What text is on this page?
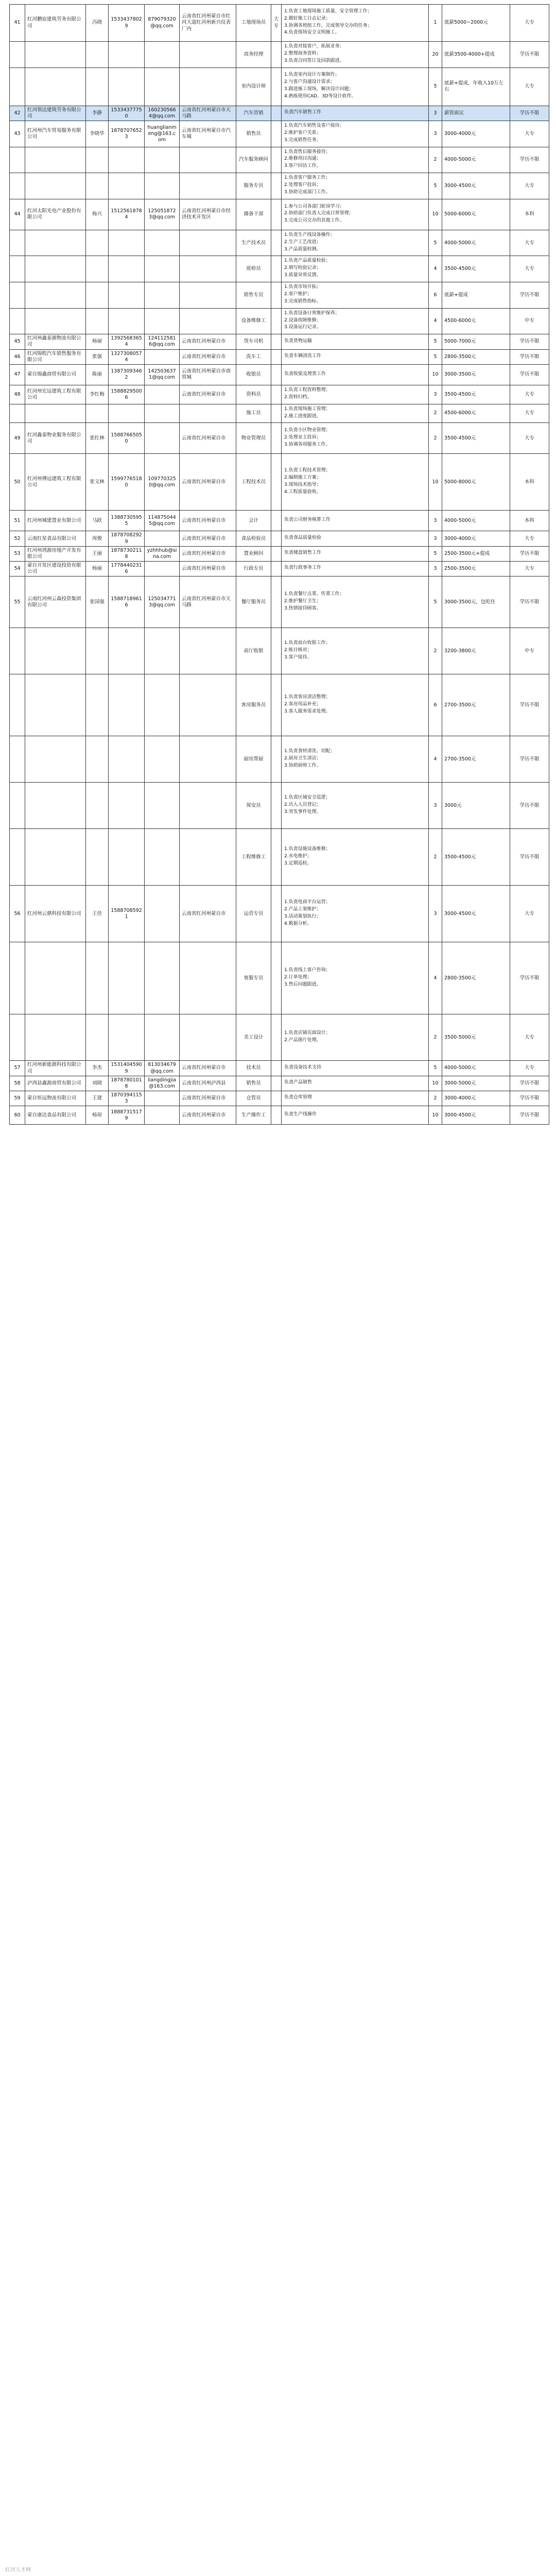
41	红河鹏宸建筑劳务有限公司	冯晓	15334378029	879079320@qq.com	云南省红河州蒙自市红河大道红河州新兴仪表厂内	工地现场员	大专	1.负责工地现场施工质量、安全管理工作；
2.做好施工日志记录；
3.协调各班组工作，完成领导交办的任务；
4.负责现场安全文明施工。	1	底薪5000~2000元	大专
						商务经理		1.负责对接客户，拓展业务；
2.整理商务资料；
3.负责合同签订及回款跟进。	20	底薪3500-4000+提成	学历不限
						室内设计师		1.负责室内设计方案制作；
2.与客户沟通设计需求；
3.跟进施工现场，解决设计问题；
4.熟练使用CAD、3D等设计软件。	5	底薪+提成，年收入10万左右	大专
42	红河领达建筑劳务有限公司	李静	15334377750	1602305664@qq.com	云南省红河州蒙自市天马路	汽车营销		负责汽车销售工作	3	薪资面议	学历不限
43	红河州汽车贸易服务有限公司	李晓华	18787076523	huanglianmeng@163.com	云南省红河州蒙自市汽车城	销售员		1.负责汽车销售及客户接待；
2.维护客户关系；
3.完成销售任务。	3	3000-4000元	大专
						汽车服务顾问		1.负责售后服务接待；
2.维修项目沟通；
3.客户回访工作。	2	4000-5000元	学历不限
						服务专员		1.负责客户服务工作；
2.处理客户投诉；
3.协助完成部门工作。	5	3000-4500元	大专
44	红河太阳光电产业股份有限公司	杨兴	15125618784	1250518723@qq.com	云南省红河州蒙自市经济技术开发区	储备干部		1.参与公司各部门轮岗学习；
2.协助部门负责人完成日常管理；
3.完成公司交办的其他工作。	10	5000-6000元	本科
						生产技术员		1.负责生产线设备操作；
2.生产工艺改进；
3.产品质量检测。	5	4000-5000元	大专
						质检员		1.负责产品质量检验；
2.填写检验记录；
3.质量异常反馈。	4	3500-4500元	大专
						销售专员		1.负责市场开拓；
2.客户维护；
3.完成销售指标。	6	底薪+提成	学历不限
						设备维修工		1.负责设备日常维护保养；
2.设备故障维修；
3.设备运行记录。	4	4500-6000元	中专
45	红河州鑫泰源物流有限公司	杨丽	13925683654	1241125816@qq.com	云南省红河州蒙自市	货车司机		负责货物运输	5	5000-7000元	学历不限
46	红河锦程汽车销售服务有限公司	张强	13273080574		云南省红河州蒙自市	洗车工		负责车辆清洗工作	5	2800-3500元	学历不限
47	蒙自锦鑫商贸有限公司	陈丽	13873093462	1425036371@qq.com	云南省红河州蒙自市商贸城	收银员		负责收银及理货工作	10	3000-3500元	学历不限
48	红河州宏远建筑工程有限公司	李红梅	15888295006		云南省红河州蒙自市	资料员		1.负责工程资料整理；
2.资料归档。	3	3500-4500元	大专
						施工员		1.负责现场施工管理；
2.施工进度跟进。	2	4500-6000元	大专
49	红河鑫泰物业服务有限公司	张红林	15887665050		云南省红河州蒙自市	物业管理员		1.负责小区物业管理；
2.处理业主投诉；
3.协调各项服务工作。	2	3500-4500元	大专
50	红河州博远建筑工程有限公司	张文林	15997765180	1097703250@qq.com	云南省红河州蒙自市	工程技术员		1.负责工程技术管理；
2.编制施工方案；
3.现场技术指导；
4.工程质量验收。	10	5000-8000元	本科
51	红河州城建置业有限公司	马跃	13887305955	1148750445@qq.com	云南省红河州蒙自市	会计		负责公司财务核算工作	3	4000-5000元	本科
52	云南红星食品有限公司	周俊	18787082929		云南省红河州蒙自市	食品检验员		负责食品质量检验	3	3000-4000元	大专
53	红河州鸿源房地产开发有限公司	王丽	18787302118	yzhhhub@sina.com	云南省红河州蒙自市	置业顾问		负责楼盘销售工作	5	2500-3500元+提成	学历不限
54	蒙自开发区建设投资有限公司	杨丽	17784402316		云南省红河州蒙自市	行政专员		负责行政事务工作	3	2500-3500元	大专
55	云南红河州云森投资集团有限公司	张国强	15887189616	1250347713@qq.com	云南省红河州蒙自市天马路	餐厅服务员		1.负责餐厅点菜、传菜工作；
2.维护餐厅卫生；
3.热情接待顾客。	5	3000-3500元，包吃住	学历不限
						前厅收银		1.负责前台收银工作；
2.账目核对；
3.客户接待。	2	3200-3800元	中专
						客房服务员		1.负责客房清洁整理；
2.客房用品补充；
3.客人服务需求处理。	6	2700-3500元	学历不限
						厨房帮厨		1.负责食材清洗、切配；
2.厨房卫生清洁；
3.协助厨师工作。	4	2700-3500元	学历不限
						保安员		1.负责区域安全巡逻；
2.出入人员登记；
3.突发事件处理。	3	3000元	学历不限
						工程维修工		1.负责设施设备维修；
2.水电维护；
3.定期巡检。	2	3500-4500元	学历不限
56	红河州云鼎科技有限公司	王佳	15887085921		云南省红河州蒙自市	运营专员		1.负责电商平台运营；
2.产品上架维护；
3.活动策划执行；
4.数据分析。	3	3000-4500元	大专
						客服专员		1.负责线上客户咨询；
2.订单处理；
3.售后问题跟进。	4	2800-3500元	学历不限
						美工设计		1.负责店铺页面设计；
2.产品图片处理。	2	3500-5000元	大专
57	红河州新能源科技有限公司	李杰	15314045909	813034679@qq.com	云南省红河州蒙自市	技术员		负责设备技术支持	5	4000-5000元	大专
58	泸西县鑫源商贸有限公司	刘晓	18787801018	liangdingjia@163.com	云南省红河州泸西县	销售员		负责产品销售	10	3000-5000元	学历不限
59	蒙自恒远物流有限公司	王建	18703941153		云南省红河州蒙自市	仓管员		负责仓库管理	2	3000-4000元	学历不限
60	蒙自康达食品有限公司	杨琼	18887315179		云南省红河州蒙自市	生产操作工		负责生产线操作	10	3000-4500元	学历不限
红河人才网
